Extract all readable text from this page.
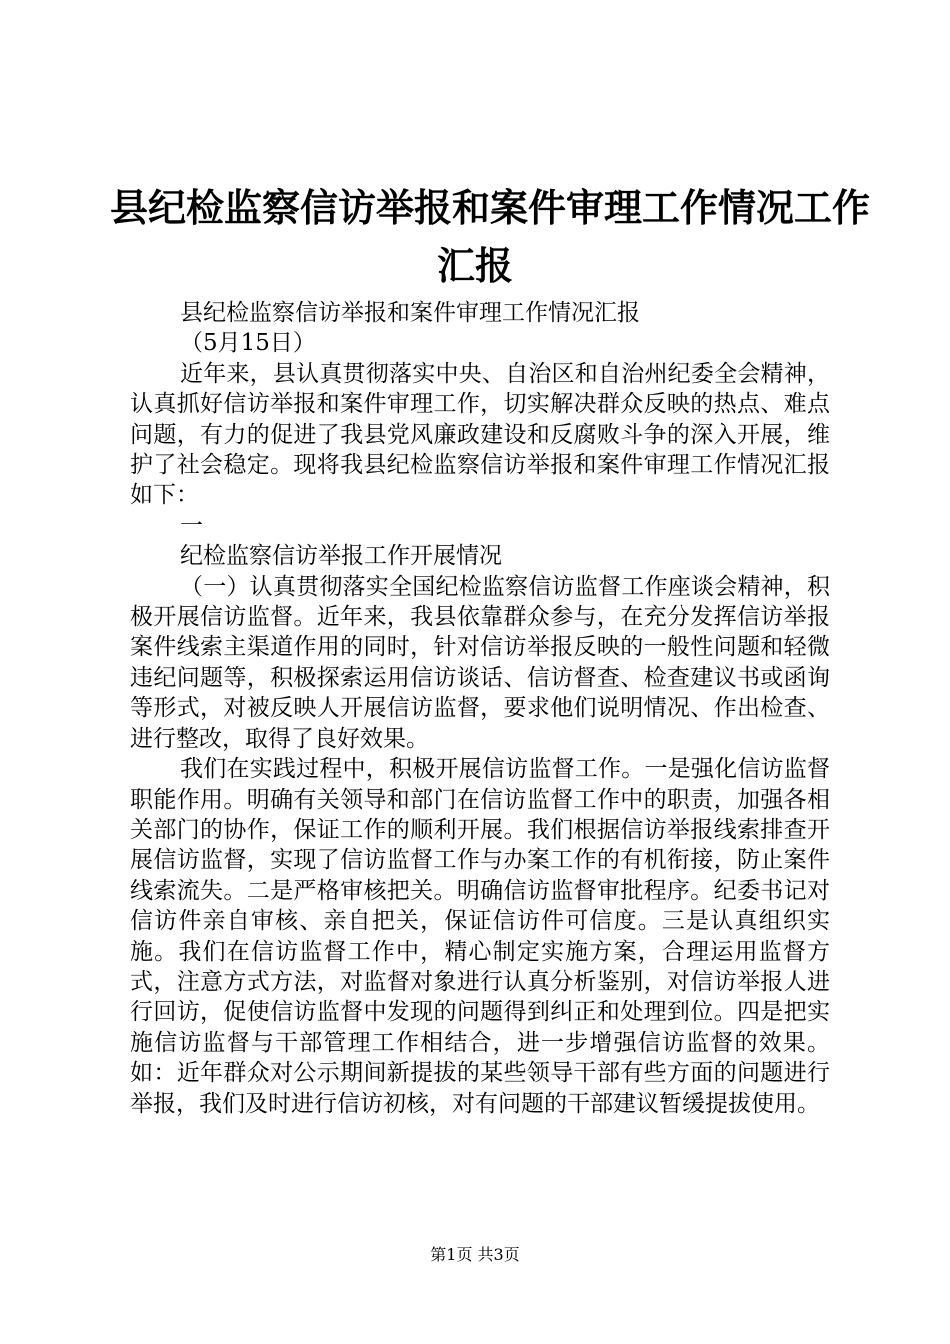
县纪检监察信访举报和案件审理工作情况工作
汇报

县纪检监察信访举报和案件审理工作情况汇报

（5月15日）

近年来，县认真贯彻落实中央、自治区和自治州纪委全会精神，认真抓好信访举报和案件审理工作，切实解决群众反映的热点、难点问题，有力的促进了我县党风廉政建设和反腐败斗争的深入开展，维护了社会稳定。现将我县纪检监察信访举报和案件审理工作情况汇报如下：

一

纪检监察信访举报工作开展情况

（一）认真贯彻落实全国纪检监察信访监督工作座谈会精神，积极开展信访监督。近年来，我县依靠群众参与，在充分发挥信访举报案件线索主渠道作用的同时，针对信访举报反映的一般性问题和轻微违纪问题等，积极探索运用信访谈话、信访督查、检查建议书或函询等形式，对被反映人开展信访监督，要求他们说明情况、作出检查、进行整改，取得了良好效果。

我们在实践过程中，积极开展信访监督工作。一是强化信访监督职能作用。明确有关领导和部门在信访监督工作中的职责，加强各相关部门的协作，保证工作的顺利开展。我们根据信访举报线索排查开展信访监督，实现了信访监督工作与办案工作的有机衔接，防止案件线索流失。二是严格审核把关。明确信访监督审批程序。纪委书记对信访件亲自审核、亲自把关，保证信访件可信度。三是认真组织实施。我们在信访监督工作中，精心制定实施方案，合理运用监督方式，注意方式方法，对监督对象进行认真分析鉴别，对信访举报人进行回访，促使信访监督中发现的问题得到纠正和处理到位。四是把实施信访监督与干部管理工作相结合，进一步增强信访监督的效果。如：近年群众对公示期间新提拔的某些领导干部有些方面的问题进行举报，我们及时进行信访初核，对有问题的干部建议暂缓提拔使用。

第1页 共3页
